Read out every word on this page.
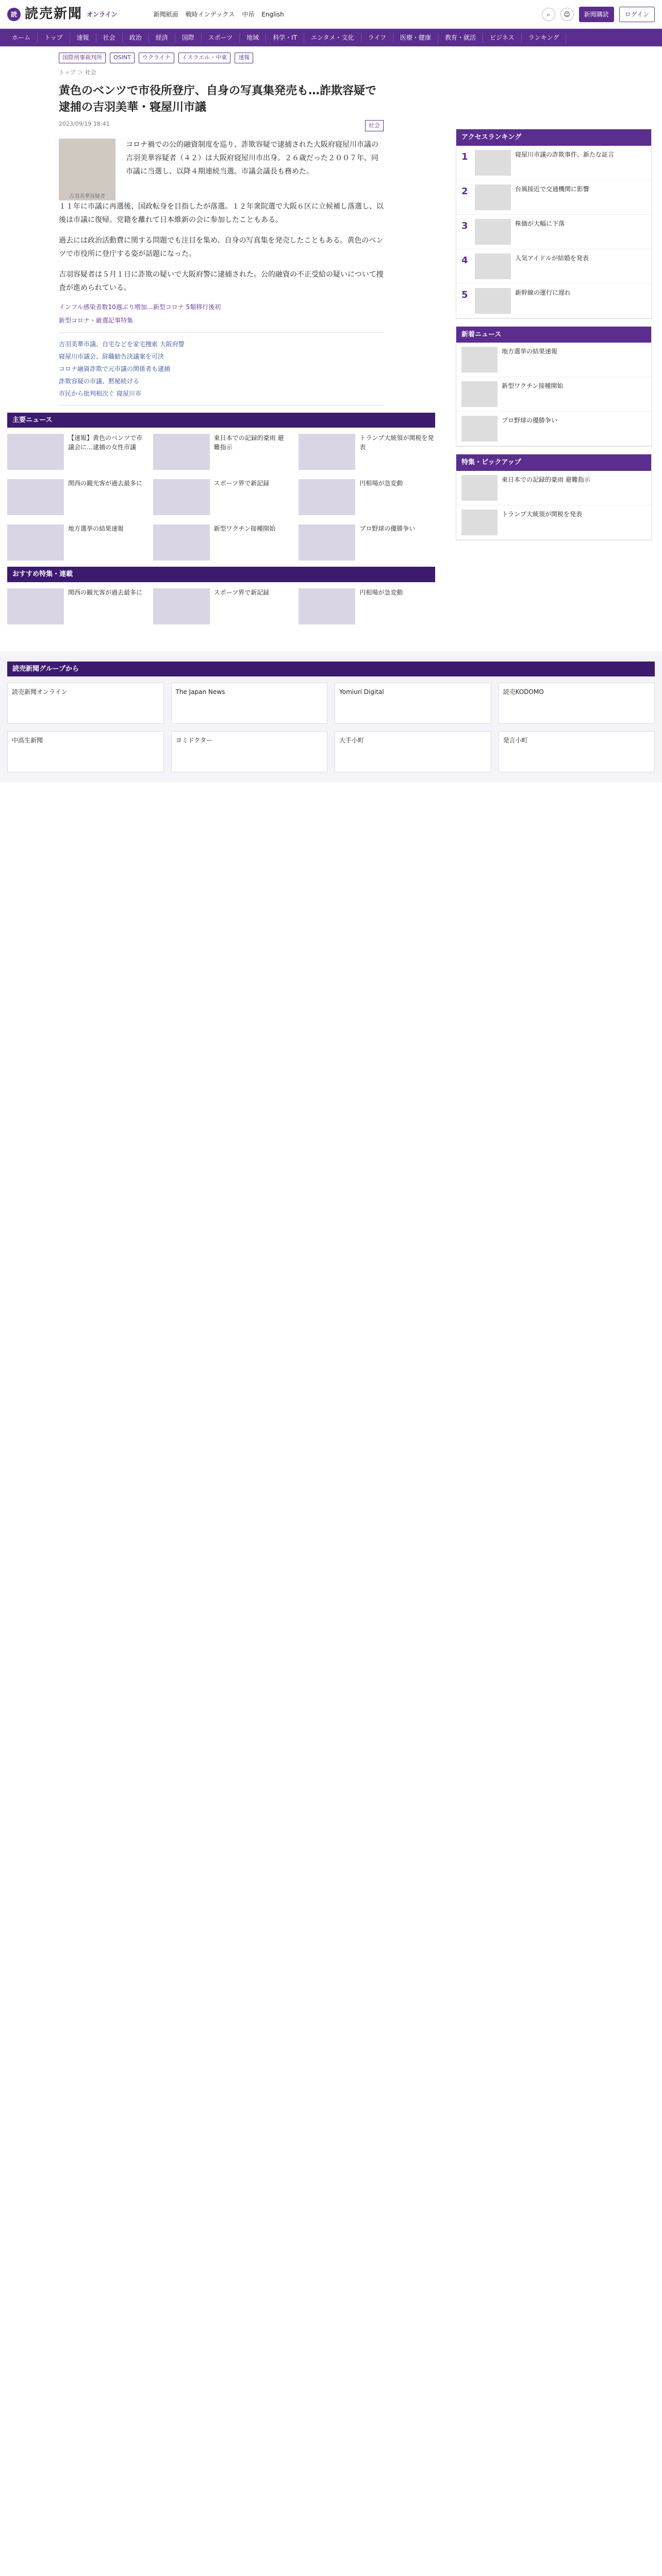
読 読売新聞 オンライン	新聞紙面 戦時インデックス 中吊 English	⌕	☺	新聞購読	ログイン
ホーム	トップ	速報	社会	政治	経済	国際	スポーツ	地域	科学・IT	エンタメ・文化	ライフ	医療・健康	教育・就活	ビジネス	ランキング
国際刑事裁判所	OSINT	ウクライナ	イスラエル・中東	速報
トップ ＞ 社会
黄色のベンツで市役所登庁、自身の写真集発売も…詐欺容疑で逮捕の吉羽美華・寝屋川市議
2023/09/19 18:41	社会
吉羽美華容疑者

コロナ禍での公的融資制度を巡り、詐欺容疑で逮捕された大阪府寝屋川市議の吉羽美華容疑者（４２）は大阪府寝屋川市出身。２６歳だった２００７年、同市議に当選し、以降４期連続当選。市議会議長も務めた。

１１年に市議に再選後、国政転身を目指したが落選。１２年衆院選で大阪６区に立候補し落選し、以後は市議に復帰。党籍を離れて日本維新の会に参加したこともある。

過去には政治活動費に関する問題でも注目を集め、自身の写真集を発売したこともある。黄色のベンツで市役所に登庁する姿が話題になった。

吉羽容疑者は５月１日に詐欺の疑いで大阪府警に逮捕された。公的融資の不正受給の疑いについて捜査が進められている。

インフル感染者数10週ぶり増加…新型コロナ 5類移行後初
新型コロナ・厳選記事特集
吉羽美華市議、自宅などを家宅捜索 大阪府警
寝屋川市議会、辞職勧告決議案を可決
コロナ融資詐欺で元市議の関係者も逮捕
詐欺容疑の市議、黙秘続ける
市民から批判相次ぐ 寝屋川市
主要ニュース
【速報】黄色のベンツで市議会に…逮捕の女性市議
東日本での記録的豪雨 避難指示
トランプ大統領が関税を発表
関西の観光客が過去最多に	スポーツ界で新記録	円相場が急変動
地方選挙の結果速報	新型ワクチン接種開始	プロ野球の優勝争い
おすすめ特集・連載
関西の観光客が過去最多に	スポーツ界で新記録	円相場が急変動
アクセスランキング
1	寝屋川市議の詐欺事件、新たな証言
2	台風接近で交通機関に影響
3	株価が大幅に下落
4	人気アイドルが結婚を発表
5	新幹線の運行に遅れ
新着ニュース
地方選挙の結果速報
新型ワクチン接種開始
プロ野球の優勝争い
特集・ピックアップ
東日本での記録的豪雨 避難指示
トランプ大統領が関税を発表
読売新聞グループから
読売新聞オンライン	The Japan News	Yomiuri Digital	読売KODOMO
中高生新聞	ヨミドクター	大手小町	発言小町
